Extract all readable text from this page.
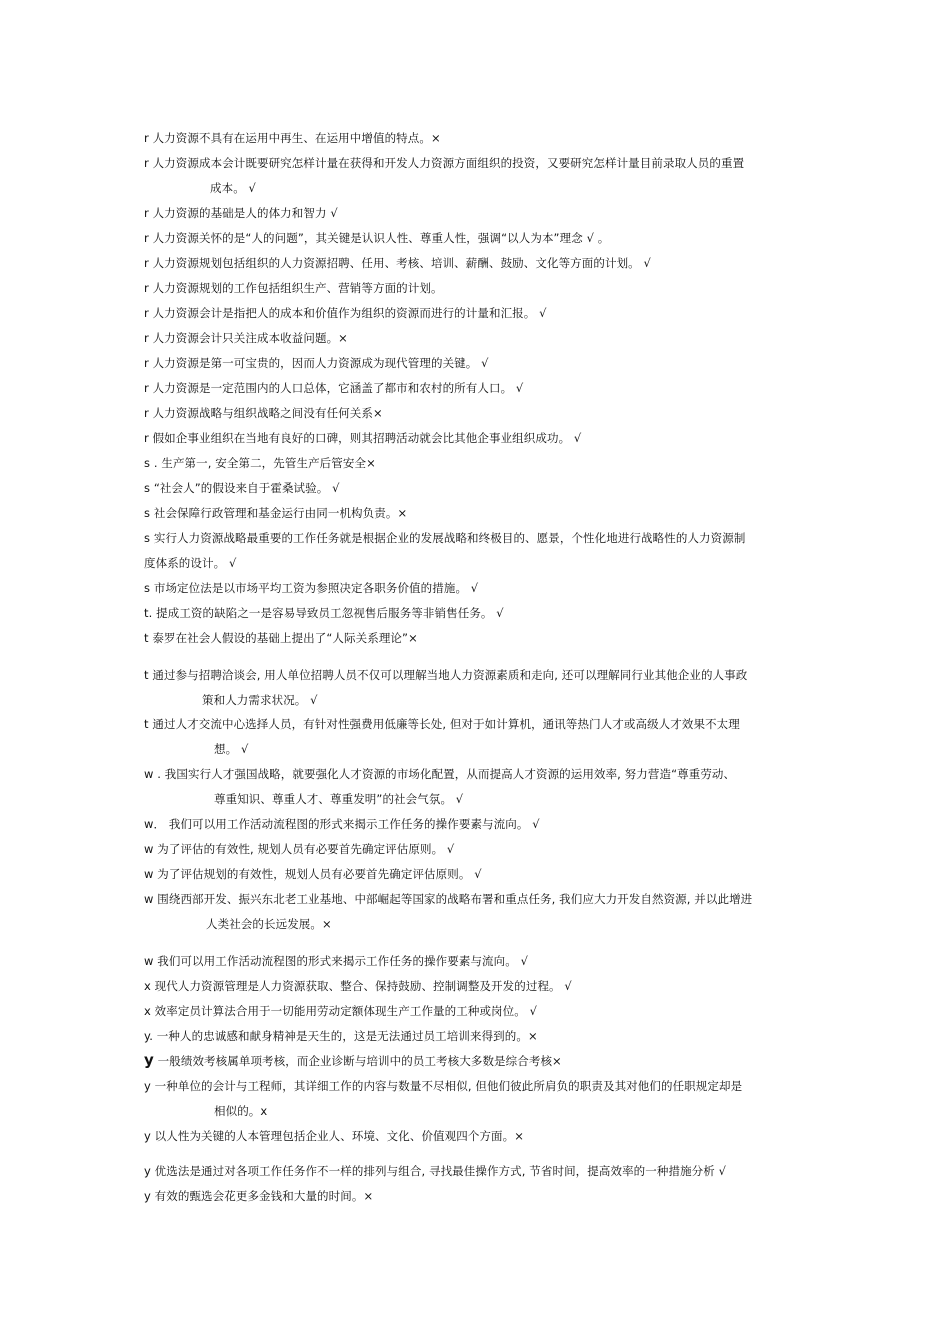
r 人力资源不具有在运用中再生、在运用中增值的特点。×
r 人力资源成本会计既要研究怎样计量在获得和开发人力资源方面组织的投资，又要研究怎样计量目前录取人员的重置
成本。 √
r 人力资源的基础是人的体力和智力 √
r 人力资源关怀的是“人的问题”，其关键是认识人性、尊重人性，强调“以人为本”理念 √ 。
r 人力资源规划包括组织的人力资源招聘、任用、考核、培训、薪酬、鼓励、文化等方面的计划。 √
r 人力资源规划的工作包括组织生产、营销等方面的计划。
r 人力资源会计是指把人的成本和价值作为组织的资源而进行的计量和汇报。 √
r 人力资源会计只关注成本收益问题。×
r 人力资源是第一可宝贵的，因而人力资源成为现代管理的关键。 √
r 人力资源是一定范围内的人口总体，它涵盖了都市和农村的所有人口。 √
r 人力资源战略与组织战略之间没有任何关系×
r 假如企事业组织在当地有良好的口碑，则其招聘活动就会比其他企事业组织成功。 √
s . 生产第一, 安全第二，先管生产后管安全×
s “社会人”的假设来自于霍桑试验。 √
s 社会保障行政管理和基金运行由同一机构负责。×
s 实行人力资源战略最重要的工作任务就是根据企业的发展战略和终极目的、愿景，个性化地进行战略性的人力资源制
度体系的设计。 √
s 市场定位法是以市场平均工资为参照决定各职务价值的措施。 √
t. 提成工资的缺陷之一是容易导致员工忽视售后服务等非销售任务。 √
t 泰罗在社会人假设的基础上提出了“人际关系理论”×
t 通过参与招聘洽谈会, 用人单位招聘人员不仅可以理解当地人力资源素质和走向, 还可以理解同行业其他企业的人事政
策和人力需求状况。 √
t 通过人才交流中心选择人员，有针对性强费用低廉等长处, 但对于如计算机，通讯等热门人才或高级人才效果不太理
想。 √
w . 我国实行人才强国战略，就要强化人才资源的市场化配置，从而提高人才资源的运用效率, 努力营造“尊重劳动、
尊重知识、尊重人才、尊重发明”的社会气氛。 √
w． 我们可以用工作活动流程图的形式来揭示工作任务的操作要素与流向。 √
w 为了评估的有效性, 规划人员有必要首先确定评估原则。 √
w 为了评估规划的有效性，规划人员有必要首先确定评估原则。 √
w 围绕西部开发、振兴东北老工业基地、中部崛起等国家的战略布署和重点任务, 我们应大力开发自然资源, 并以此增进
人类社会的长远发展。×
w 我们可以用工作活动流程图的形式来揭示工作任务的操作要素与流向。 √
x 现代人力资源管理是人力资源获取、整合、保持鼓励、控制调整及开发的过程。 √
x 效率定员计算法合用于一切能用劳动定额体现生产工作量的工种或岗位。 √
y. 一种人的忠诚感和献身精神是天生的，这是无法通过员工培训来得到的。×
y 一般绩效考核属单项考核，而企业诊断与培训中的员工考核大多数是综合考核×
y 一种单位的会计与工程师，其详细工作的内容与数量不尽相似, 但他们彼此所肩负的职责及其对他们的任职规定却是
相似的。x
y 以人性为关键的人本管理包括企业人、环境、文化、价值观四个方面。×
y 优选法是通过对各项工作任务作不一样的排列与组合, 寻找最佳操作方式, 节省时间，提高效率的一种措施分析 √
y 有效的甄选会花更多金钱和大量的时间。×
